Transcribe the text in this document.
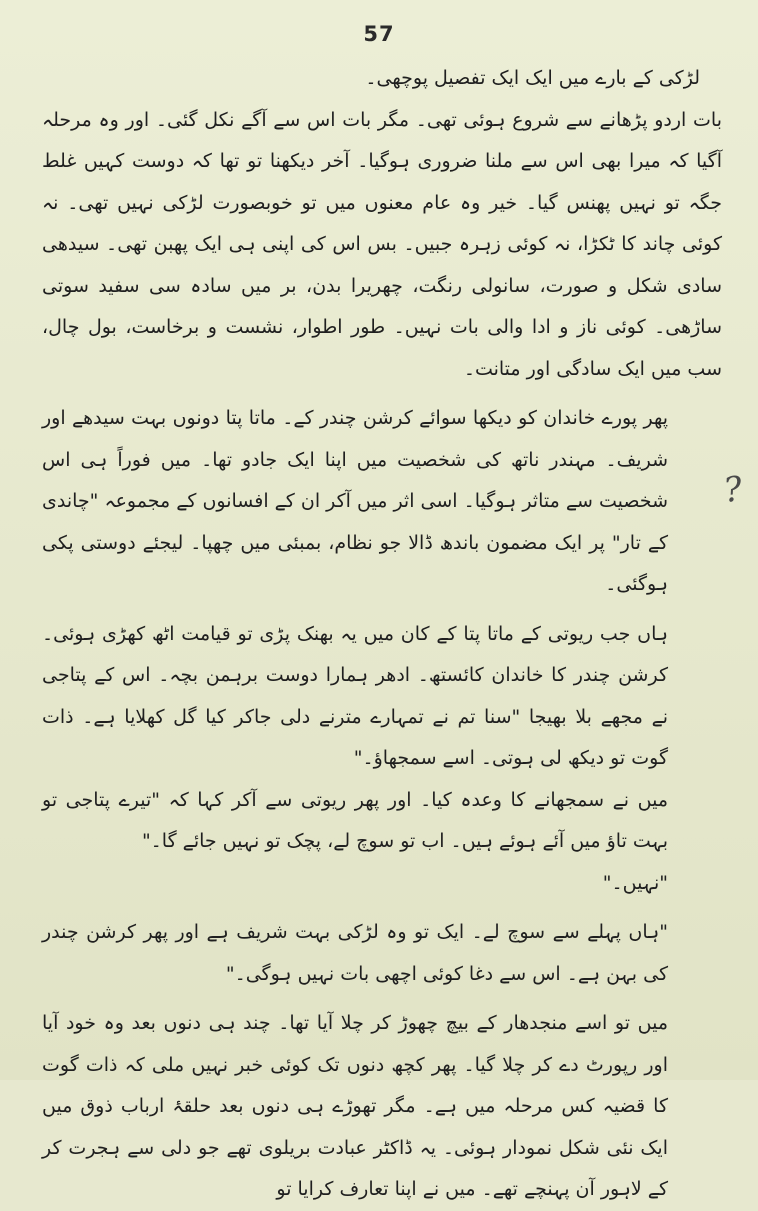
57

لڑکی کے بارے میں ایک ایک تفصیل پوچھی۔

بات اردو پڑھانے سے شروع ہوئی تھی۔ مگر بات اس سے آگے نکل گئی۔ اور وہ مرحلہ آگیا کہ میرا بھی اس سے ملنا ضروری ہوگیا۔ آخر دیکھنا تو تھا کہ دوست کہیں غلط جگہ تو نہیں پھنس گیا۔ خیر وہ عام معنوں میں تو خوبصورت لڑکی نہیں تھی۔ نہ کوئی چاند کا ٹکڑا، نہ کوئی زہرہ جبیں۔ بس اس کی اپنی ہی ایک پھبن تھی۔ سیدھی سادی شکل و صورت، سانولی رنگت، چھریرا بدن، بر میں سادہ سی سفید سوتی ساڑھی۔ کوئی ناز و ادا والی بات نہیں۔ طور اطوار، نشست و برخاست، بول چال، سب میں ایک سادگی اور متانت۔

پھر پورے خاندان کو دیکھا سوائے کرشن چندر کے۔ ماتا پتا دونوں بہت سیدھے اور شریف۔ مہندر ناتھ کی شخصیت میں اپنا ایک جادو تھا۔ میں فوراً ہی اس شخصیت سے متاثر ہوگیا۔ اسی اثر میں آکر ان کے افسانوں کے مجموعہ "چاندی کے تار" پر ایک مضمون باندھ ڈالا جو نظام، بمبئی میں چھپا۔ لیجئے دوستی پکی ہوگئی۔

ہاں جب ریوتی کے ماتا پتا کے کان میں یہ بھنک پڑی تو قیامت اٹھ کھڑی ہوئی۔ کرشن چندر کا خاندان کائستھ۔ ادھر ہمارا دوست برہمن بچہ۔ اس کے پتاجی نے مجھے بلا بھیجا "سنا تم نے تمہارے مترنے دلی جاکر کیا گل کھلایا ہے۔ ذات گوت تو دیکھ لی ہوتی۔ اسے سمجھاؤ۔"

میں نے سمجھانے کا وعدہ کیا۔ اور پھر ریوتی سے آکر کہا کہ "تیرے پتاجی تو بہت تاؤ میں آئے ہوئے ہیں۔ اب تو سوچ لے، پچک تو نہیں جائے گا۔"

"نہیں۔"

"ہاں پہلے سے سوچ لے۔ ایک تو وہ لڑکی بہت شریف ہے اور پھر کرشن چندر کی بہن ہے۔ اس سے دغا کوئی اچھی بات نہیں ہوگی۔"

میں تو اسے منجدھار کے بیچ چھوڑ کر چلا آیا تھا۔ چند ہی دنوں بعد وہ خود آیا اور رپورٹ دے کر چلا گیا۔ پھر کچھ دنوں تک کوئی خبر نہیں ملی کہ ذات گوت کا قضیہ کس مرحلہ میں ہے۔ مگر تھوڑے ہی دنوں بعد حلقۂ ارباب ذوق میں ایک نئی شکل نمودار ہوئی۔ یہ ڈاکٹر عبادت بریلوی تھے جو دلی سے ہجرت کر کے لاہور آن پہنچے تھے۔ میں نے اپنا تعارف کرایا تو

?
